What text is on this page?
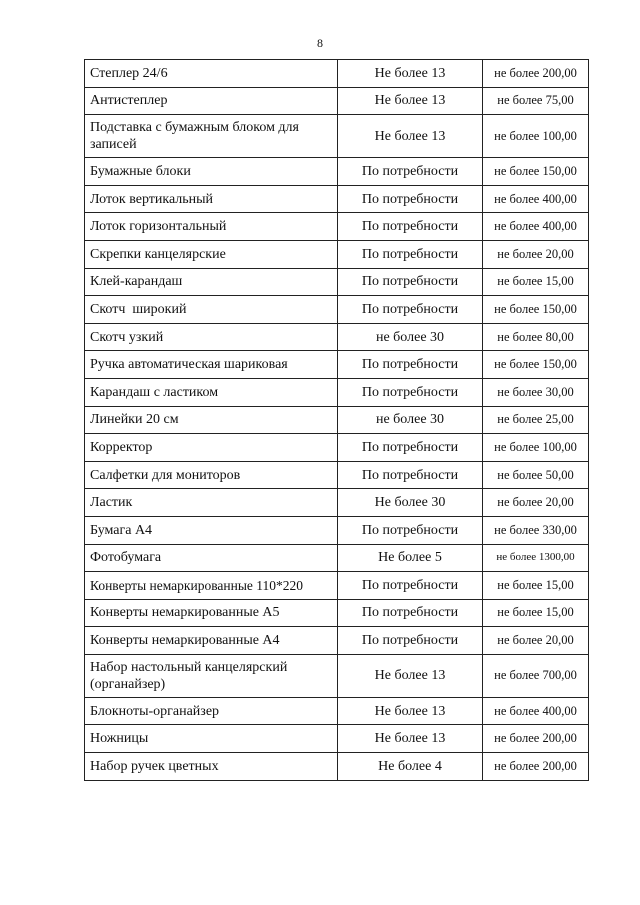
8
Степлер 24/6	Не более 13	не более 200,00
Антистеплер	Не более 13	не более 75,00
Подставка с бумажным блоком для записей	Не более 13	не более 100,00
Бумажные блоки	По потребности	не более 150,00
Лоток вертикальный	По потребности	не более 400,00
Лоток горизонтальный	По потребности	не более 400,00
Скрепки канцелярские	По потребности	не более 20,00
Клей-карандаш	По потребности	не более 15,00
Скотч  широкий	По потребности	не более 150,00
Скотч узкий	не более 30	не более 80,00
Ручка автоматическая шариковая	По потребности	не более 150,00
Карандаш с ластиком	По потребности	не более 30,00
Линейки 20 см	не более 30	не более 25,00
Корректор	По потребности	не более 100,00
Салфетки для мониторов	По потребности	не более 50,00
Ластик	Не более 30	не более 20,00
Бумага А4	По потребности	не более 330,00
Фотобумага	Не более 5	не более 1300,00
Конверты немаркированные 110*220	По потребности	не более 15,00
Конверты немаркированные А5	По потребности	не более 15,00
Конверты немаркированные А4	По потребности	не более 20,00
Набор настольный канцелярский (органайзер)	Не более 13	не более 700,00
Блокноты-органайзер	Не более 13	не более 400,00
Ножницы	Не более 13	не более 200,00
Набор ручек цветных	Не более 4	не более 200,00
